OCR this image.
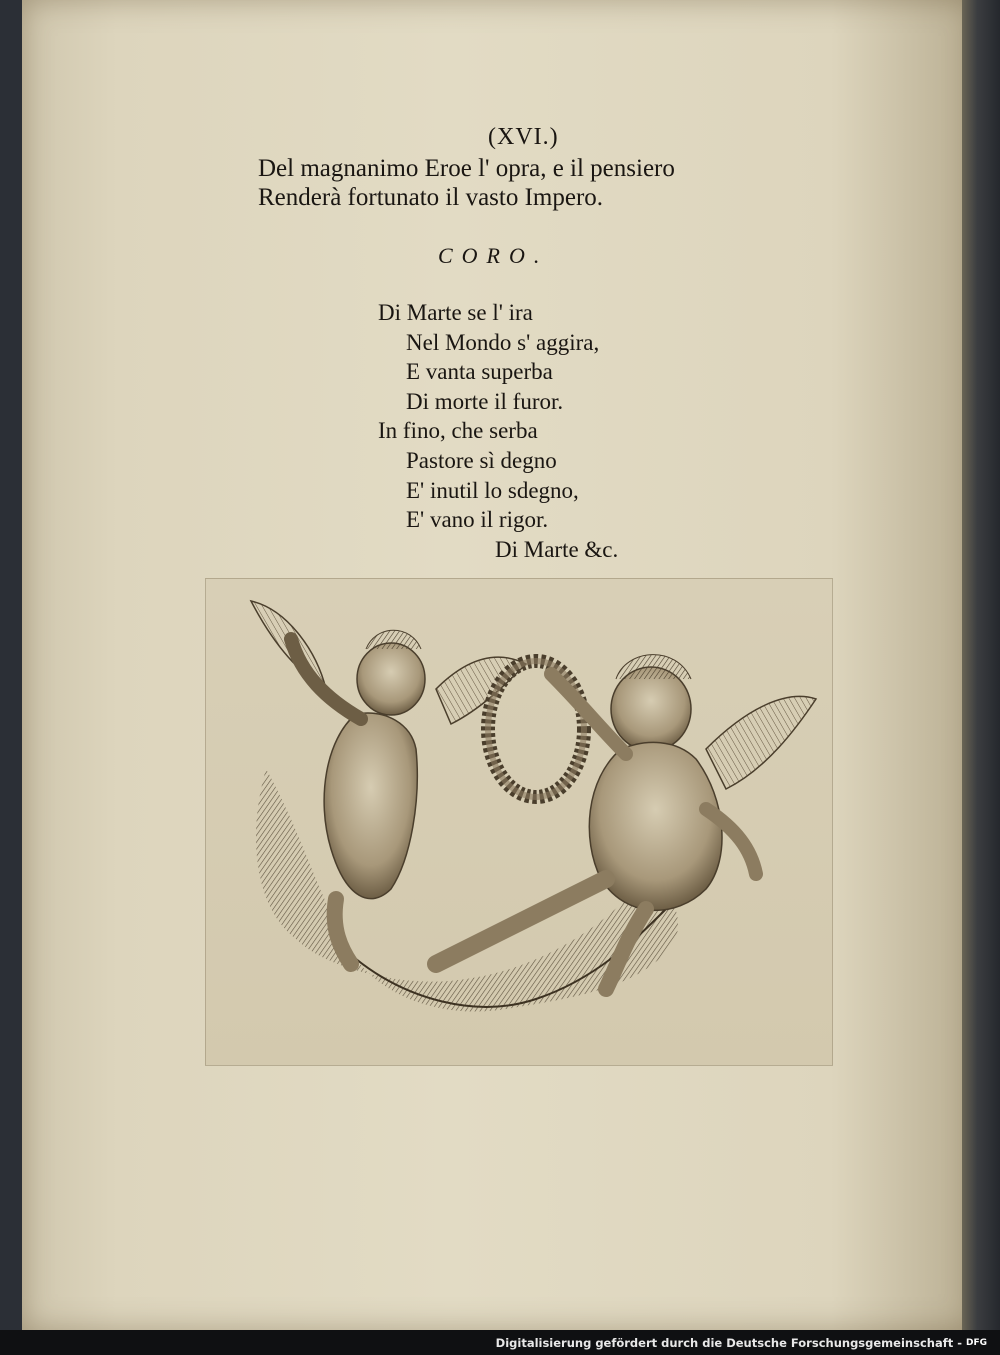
(XVI.)
Del magnanimo Eroe l' opra, e il pensiero
Renderà fortunato il vasto Impero.
CORO.
Di Marte se l' ira
Nel Mondo s' aggira,
E vanta superba
Di morte il furor.
In fino, che serba
Pastore sì degno
E' inutil lo sdegno,
E' vano il rigor.
Di Marte &c.
Digitalisierung gefördert durch die Deutsche Forschungsgemeinschaft - DFG
